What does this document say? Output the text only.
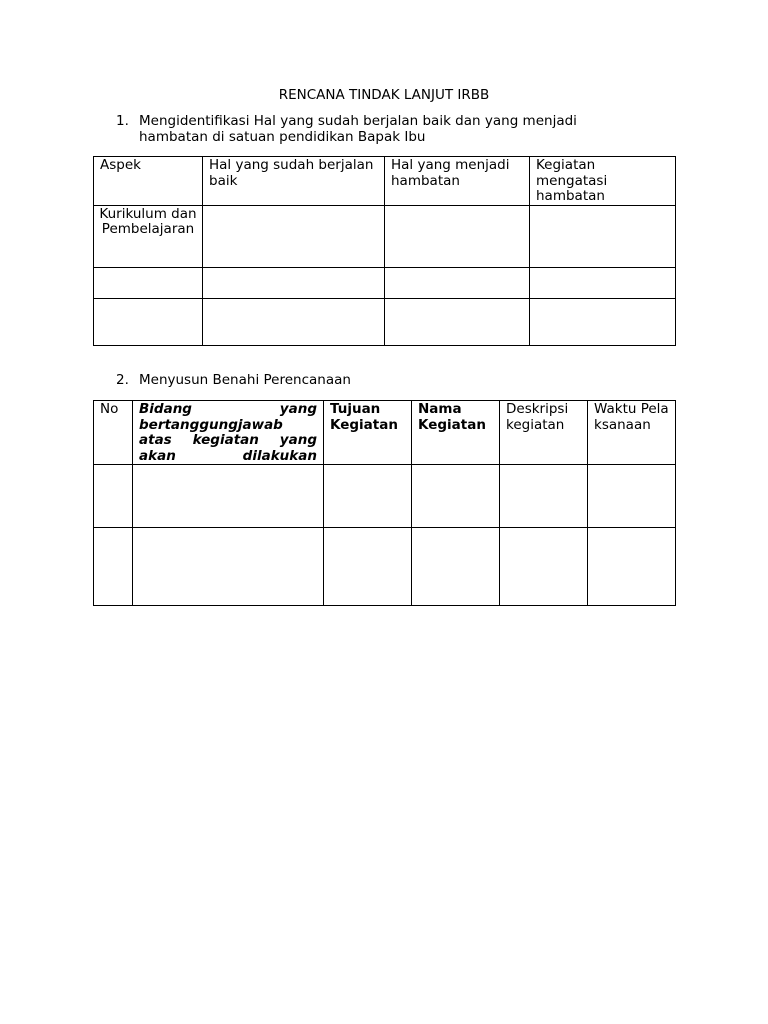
RENCANA TINDAK LANJUT IRBB
1. Mengidentifikasi Hal yang sudah berjalan baik dan yang menjadi hambatan di satuan pendidikan Bapak Ibu
Aspek	Hal yang sudah berjalan baik	Hal yang menjadi hambatan	Kegiatan mengatasi hambatan
Kurikulum dan Pembelajaran			

2. Menyusun Benahi Perencanaan
No	Bidang yang bertanggungjawab atas kegiatan yang akan dilakukan	Tujuan Kegiatan	Nama Kegiatan	Deskripsi kegiatan	Waktu Pelaksanaan
